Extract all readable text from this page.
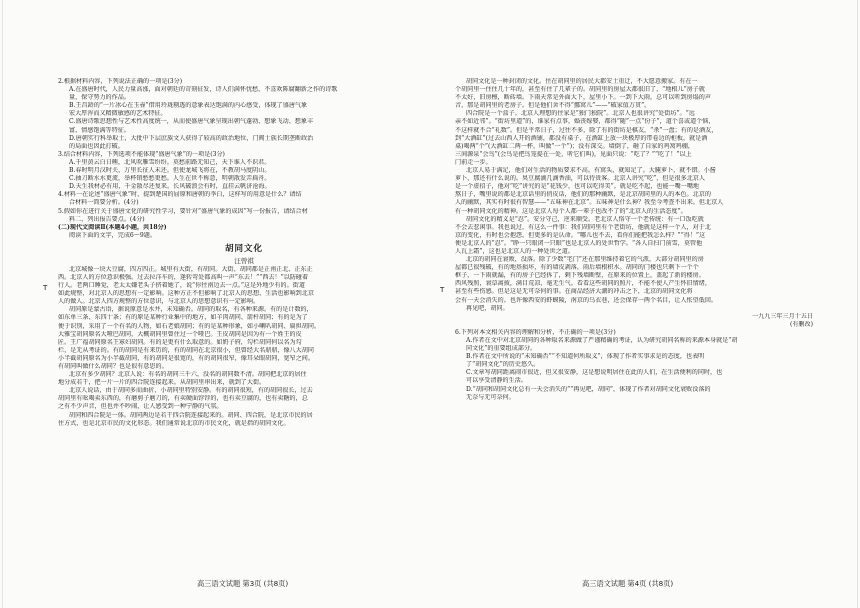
2.根据材料内容，下列说法正确的一项是(3分)
A.在盛唐时代，人民力量高涨，面对朝廷的苛刻征发，诗人们满怀忧愁，不喜欢陈腐翻新之作的诗歌
量，保守势力的作品。
B.王昌龄的“一片冰心在玉壶”借用玲珑剔透的意象表达饱满的内心感受，体现了盛唐气象
宏大厚浑而又精微敏感的艺术特征。
C.盛唐诗歌思想性与艺术性高度统一，从而使盛唐气象呈现出朝气蓬勃、想象飞动、想象丰
富、情感饱满等特征。
D.唐朝实行科举取士，大批中下层庶族文人获得了较高的政治地位，门阀士族长期垄断政治
的局面也因此打破。
3.结合材料内容，下列选项不能体现“盛唐气象”的一项是(3分)
A.千里黄云白日曛，北风吹雁雪纷纷。莫愁前路无知己，天下谁人不识君。
B.春时明月汉时关，万里长征人未还。但使龙城飞将在，不教胡马度阴山。
C.抽刀断水水更流，举杯销愁愁更愁。人生在世不称意，明朝散发弄扁舟。
D.天生我材必有用，千金散尽还复来。长风破浪会有时，直挂云帆济沧海。
4.材料一在论述“盛唐气象”时，提到楚国的屈原和唐朝的李白，这样写的用意是什么？请结
合材料一简要分析。(4分)
5.假如你在进行关于盛唐文化的研究性学习，要针对“盛唐气象的成因”写一份报告，请结合材
料二，列出报告要点。(4分)
(二)现代文阅读Ⅱ(本题4小题，共18分)
阅读下面的文字，完成6～9题。
胡同文化
汪曾祺
北京城像一块大豆腐，四方四正。城里有大街，有胡同。大街、胡同都是正南正北、正东正
西。北京人的方位意识极强。过去拉洋车的，逢转弯处都高叫一声“东去！”“西去！”以防碰着
行人。老两口睡觉，老太太嫌老头子挤着她了，说“你往南边去一点。”这是外地少有的。街道
如此规整，对北京人的思想有一定影响。这种方正不但影响了北京人的思想，生活也影响到北京
人的做人。北京人四方规整的方位意识，与北京人的思想意识有一定影响。
胡同原是蒙古语，据说原意是水井，未知确否。胡同的取名，有各种来源。有的是计数的，
如东单三条、东四十条；有的原是某种行业集中的地方，如羊肉胡同、箭杆胡同；有的是为了
便于识别，采用了一个有名的人物，如石老娘胡同；有的是某种形象，如小喇叭胡同、扁担胡同。
大雅宝胡同原名大哑巴胡同，大概胡同里曾住过一个哑巴。王皮胡同是因为有一个姓王的皮
匠。王广福胡同原名王寡妇胡同。有的是更有什么取意的。如奶子府，勾栏胡同何以名为勾
栏，是无从考证的。有的胡同是有来历的，有的胡同在北京很小，但曾经大名鼎鼎，像八大胡同
小半截胡同原名为小半截胡同，有的胡同是很宽的，有的胡同很窄，像耳朵眼胡同，宽窄之间。
有胡同叫做什么胡同？也是很有意思的。
北京有多少胡同？北京人说：有名的胡同三千六，没名的胡同数不清。胡同把北京的居住
地分成若干，把一片一片的四合院连接起来。从胡同里串出来，就到了大街。
北京人说话，由于胡同多而曲折，小胡同里特别安静。有的胡同很短，有的胡同很长，过去
胡同里有吆喝卖东西的，有磨剪子磨刀的，有卖硬面饽饽的，也有卖豆腐的，也有卖糖的，总
之有不少声音，但也并不吵闹，让人感受到一种宁静的气氛。
胡同和四合院是一体。胡同两边是若干四合院连接起来的。胡同、四合院，是北京市民的居
住方式，也是北京市民的文化形态。我们通常说北京的市民文化，就是指的胡同文化。
胡同文化是一种封闭的文化。住在胡同里的居民大都安土重迁，不大愿意搬家。有在一
个胡同里一住住几十年的，甚至有住了几辈子的。胡同里的房屋大都很旧了，“地根儿”房子就
不太好，旧房檩，断砖墙。下雨天常是外面大下，屋里小下。一到下大雨，总可以听到房塌的声
音，那是胡同里的老房子。但是他们舍不得“挪窝儿”——“破家值万贯”。
四合院是一个盒子。北京人理想的住家是“独门独院”。北京人也很讲究“处街坊”。“远
亲不如近邻”。“街坊里道”的，谁家有点事，婚丧嫁娶，都得“随”一点“份子”，道个喜或道个恼，
不这样就不合“礼数”。但是平常日子，过往不多，除了有的街坊是棋友，“杀”一盘；有的是酒友，
到“大酒缸”(过去山西人开的酒铺，都没有桌子，在酒缸上放一块极厚的带卷边的柜板，就是酒
桌)喝两“个”(大酒缸二两一杯，叫做“一个”)；没有深交。墙倒了，砸了自家的鸡窝鸡棚，
三间源泉“会鸟”(会鸟是把鸟笼提在一处，听它们叫)，见面只说：“吃了？”“吃了！”以上
门前走一步。
北京人易于满足，他们对生活的物质要求不高。有窝头，就知足了。大腌萝卜，就不错。小酱
萝卜，那还有什么说的。臭豆腐滴几滴香油，可以待贵客。北京人讲究“吃”，但是很多北京人
是一个虚招子，他对“吃”讲究的是“花钱少，也可以吃得美”。就是吃不起，也能一嘴一嘴地
熬日子，嘴里说的都是北京话里的俏皮话，他们的那种幽默，是北京胡同里的人的本色。北京的
人的幽默，其实有时很有智慧——“五味神在北京”。五味神是什么神？我至今考查不出来。但北京人
有一种胡同文化的精神。这是北京人每个人都一辈子也改不了的“北京人的生活态度”。
胡同文化的精义是“忍”。安分守己，逆来顺受。老北京人恪守一个老传统：有一口饭吃就
不会去惹闲事。我也说过，有这么一件事：我们胡同里有个老街坊，他就是这样一个人，对于北
京的变化，有时也会抱怨，但更多的是认命。“哪儿也不去，看你们能把我怎么样？”“得！”这
便是北京人的“忍”。“睁一只眼闭一只眼”也是北京人的处世哲学。“各人自扫门前雪，莫管他
人瓦上霜”，这也是北京人的一种处世之道。
北京的胡同在衰败，没落。除了少数“宅门”还在那里维持着它的气派，大部分胡同里的房
屋都已很残破，有的地基损坏，有的墙皮剥落，雨后墙根积水。胡同的门楼也只剩下一个个
框子，一下雨就漏，有的房子已经拆了，剩下残墙断壁，在原来的位置上，盖起了新的楼房。
西风残照，衰草离披，满目荒凉，毫无生气。看看这些胡同的照片，不能不使人产生怀旧情绪，
甚至有些伤感。但是这是无可奈何的事。在商品经济大潮的冲击之下，北京的胡同文化将
会有一天会消失的。也许像西安的虾蟆陵，南京的乌衣巷，还会保存一两个名目，让人怅望低回。
再见吧，胡同。
一九九三年三月十五日
(有删改)
6.下列对本文相关内容的理解和分析，不正确的一项是(3分)
A.作者在文中对北京胡同的各种取名来源做了严谨精确的考证，认为研究胡同名称的来源本身就是“胡
同文化”的重要组成部分。
B.作者在文中所说的“未知确否”“不知道何所取义”，体现了作者实事求是的态度，也表明
了“胡同文化”的历史悠久。
C.文章写胡同距离闹市很近，但又很安静，这是想说明居住在此的人们，在生活便利的同时，也
可以享受清静的生活。
D.“胡同和胡同文化总有一天会消失的”“再见吧，胡同”，体现了作者对胡同文化衰败没落的
无奈与无可奈何。
T	T
高三语文试题 第3页 (共8页)	高三语文试题 第4页 (共8页)
